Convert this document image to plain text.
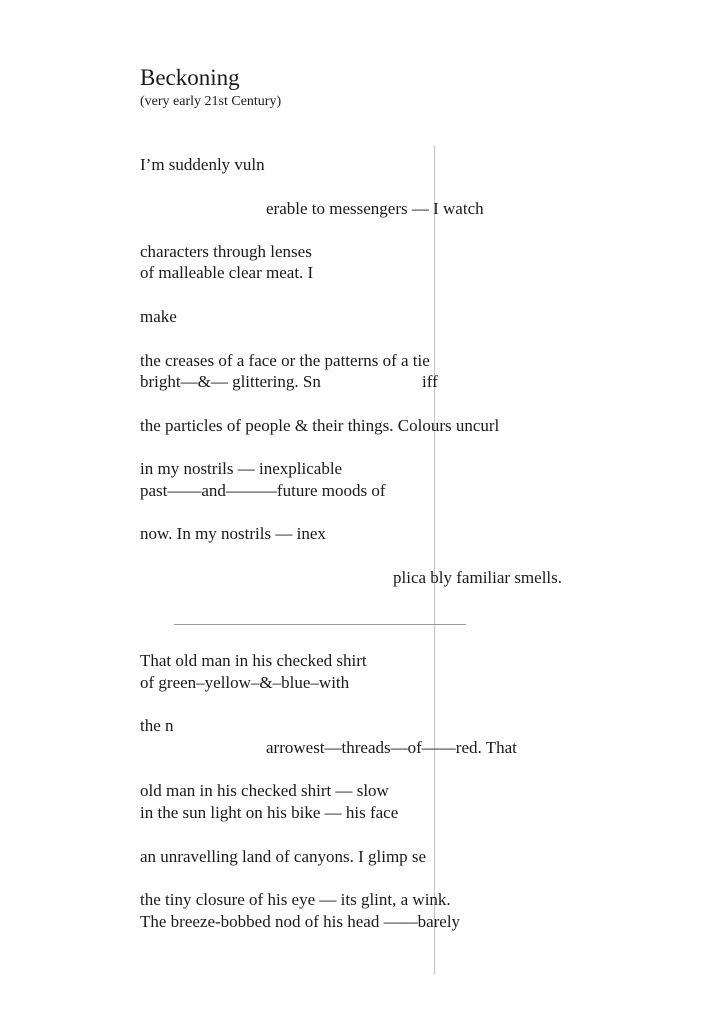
Beckoning
(very early 21st Century)
I’m suddenly vuln
erable to messengers — I watch
characters through lenses
of malleable clear meat. I
make
the creases of a face or the patterns of a tie
bright—&— glittering. Sn	iff
the particles of people & their things. Colours uncurl
in my nostrils — inexplicable
past——and———future moods of
now. In my nostrils — inex
plica bly familiar smells.
That old man in his checked shirt
of green–yellow–&–blue–with
the n
arrowest—threads—of——red. That
old man in his checked shirt — slow
in the sun light on his bike — his face
an unravelling land of canyons. I glimp se
the tiny closure of his eye — its glint, a wink.
The breeze-bobbed nod of his head ——barely
